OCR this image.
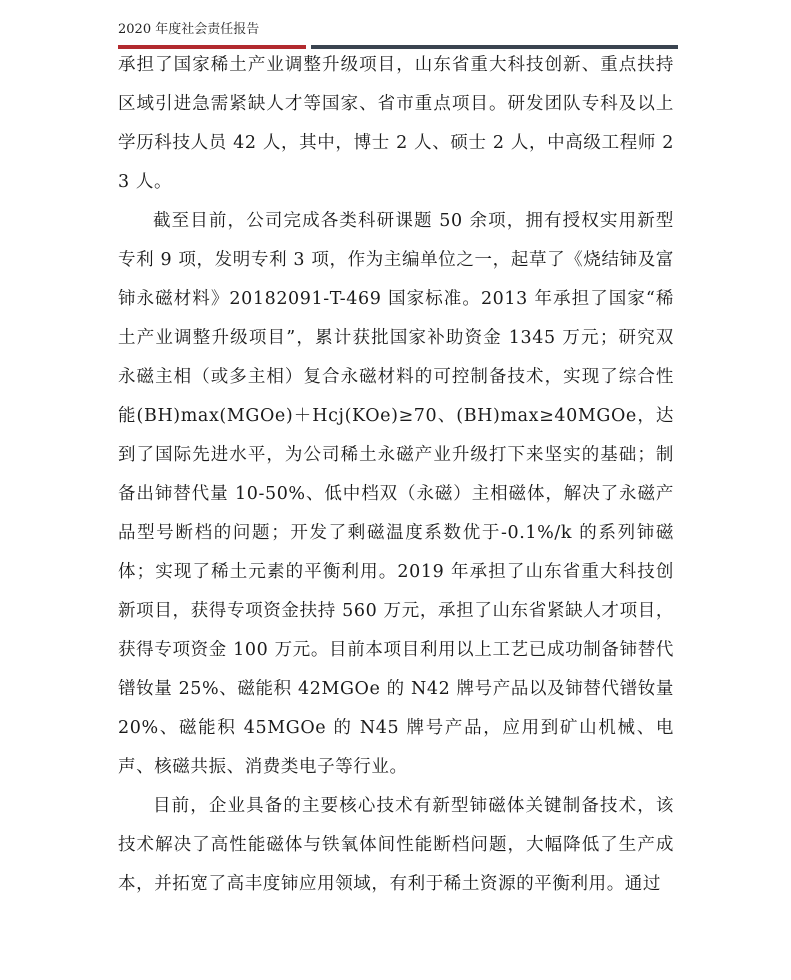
2020 年度社会责任报告

承担了国家稀土产业调整升级项目，山东省重大科技创新、重点扶持区域引进急需紧缺人才等国家、省市重点项目。研发团队专科及以上学历科技人员 42 人，其中，博士 2 人、硕士 2 人，中高级工程师 23 人。

截至目前，公司完成各类科研课题 50 余项，拥有授权实用新型专利 9 项，发明专利 3 项，作为主编单位之一，起草了《烧结铈及富铈永磁材料》20182091-T-469 国家标准。2013 年承担了国家“稀土产业调整升级项目”，累计获批国家补助资金 1345 万元；研究双永磁主相（或多主相）复合永磁材料的可控制备技术，实现了综合性能(BH)max(MGOe)＋Hcj(KOe)≥70、(BH)max≥40MGOe，达到了国际先进水平，为公司稀土永磁产业升级打下来坚实的基础；制备出铈替代量 10-50%、低中档双（永磁）主相磁体，解决了永磁产品型号断档的问题；开发了剩磁温度系数优于-0.1%/k 的系列铈磁体；实现了稀土元素的平衡利用。2019 年承担了山东省重大科技创新项目，获得专项资金扶持 560 万元，承担了山东省紧缺人才项目，获得专项资金 100 万元。目前本项目利用以上工艺已成功制备铈替代镨钕量 25%、磁能积 42MGOe 的 N42 牌号产品以及铈替代镨钕量 20%、磁能积 45MGOe 的 N45 牌号产品，应用到矿山机械、电声、核磁共振、消费类电子等行业。

目前，企业具备的主要核心技术有新型铈磁体关键制备技术，该技术解决了高性能磁体与铁氧体间性能断档问题，大幅降低了生产成本，并拓宽了高丰度铈应用领域，有利于稀土资源的平衡利用。通过
